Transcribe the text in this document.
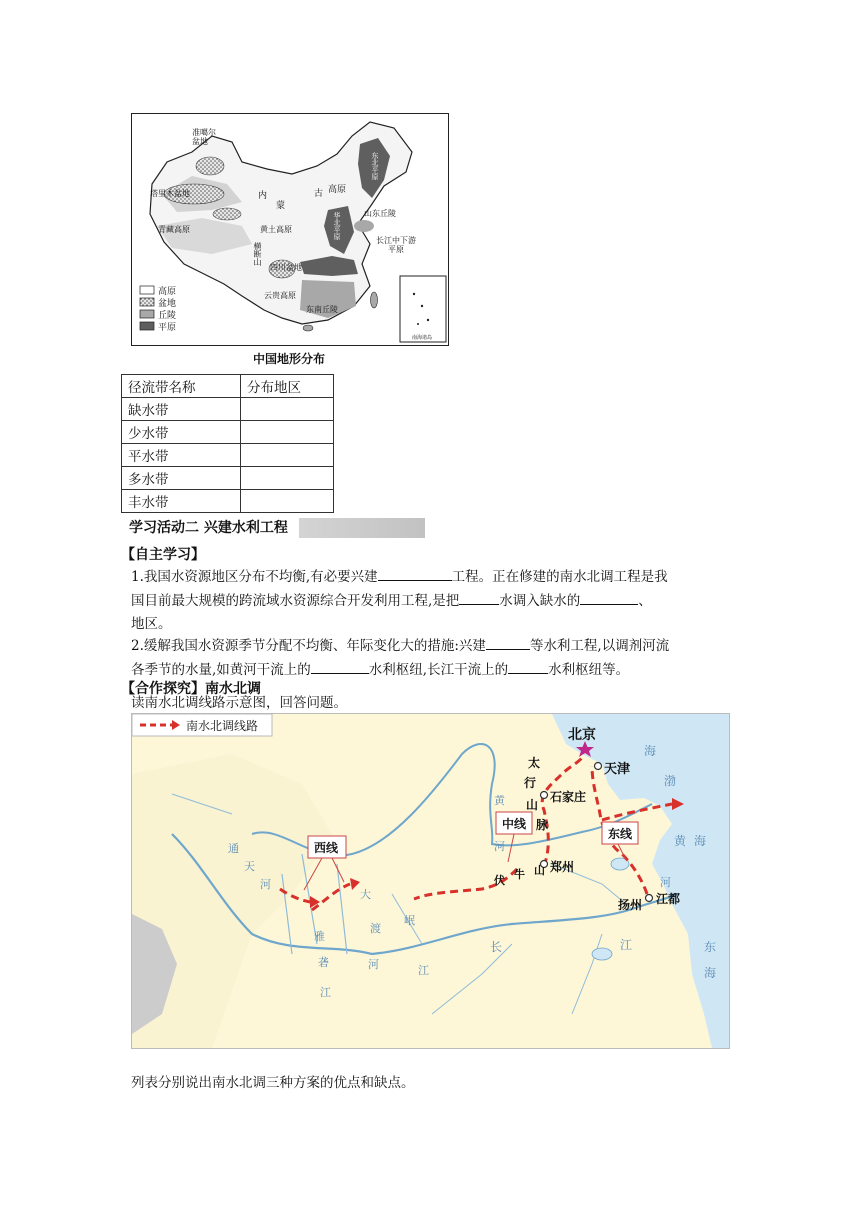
准噶尔
盆地
塔里木盆地	内
蒙
古 高原
东北平原
青藏高原	黄土高原	华北平原	山东丘陵
长江中下游
平原
四川盆地
横断山
云贵高原
东南丘陵
南海诸岛
高原
盆地
丘陵
平原
中国地形分布
径流带名称	分布地区
缺水带	
少水带	
平水带	
多水带	
丰水带	
学习活动二 兴建水利工程
【自主学习】
1.我国水资源地区分布不均衡,有必要兴建	工程。正在修建的南水北调工程是我
国目前最大规模的跨流域水资源综合开发利用工程,是把	水调入缺水的	、
地区。
2.缓解我国水资源季节分配不均衡、年际变化大的措施:兴建	等水利工程,以调剂河流
各季节的水量,如黄河干流上的	水利枢纽,长江干流上的	水利枢纽等。
【合作探究】南水北调
读南水北调线路示意图，回答问题。
南水北调线路
北京
天津
石家庄
郑州
江都
扬州
中线
西线
东线
太
行
山
脉
伏 牛 山
黄
河
长	江
通
天
河
大
渡
河
岷
雅
砻
江
江
河
渤
海
黄 海
东
海
列表分别说出南水北调三种方案的优点和缺点。
